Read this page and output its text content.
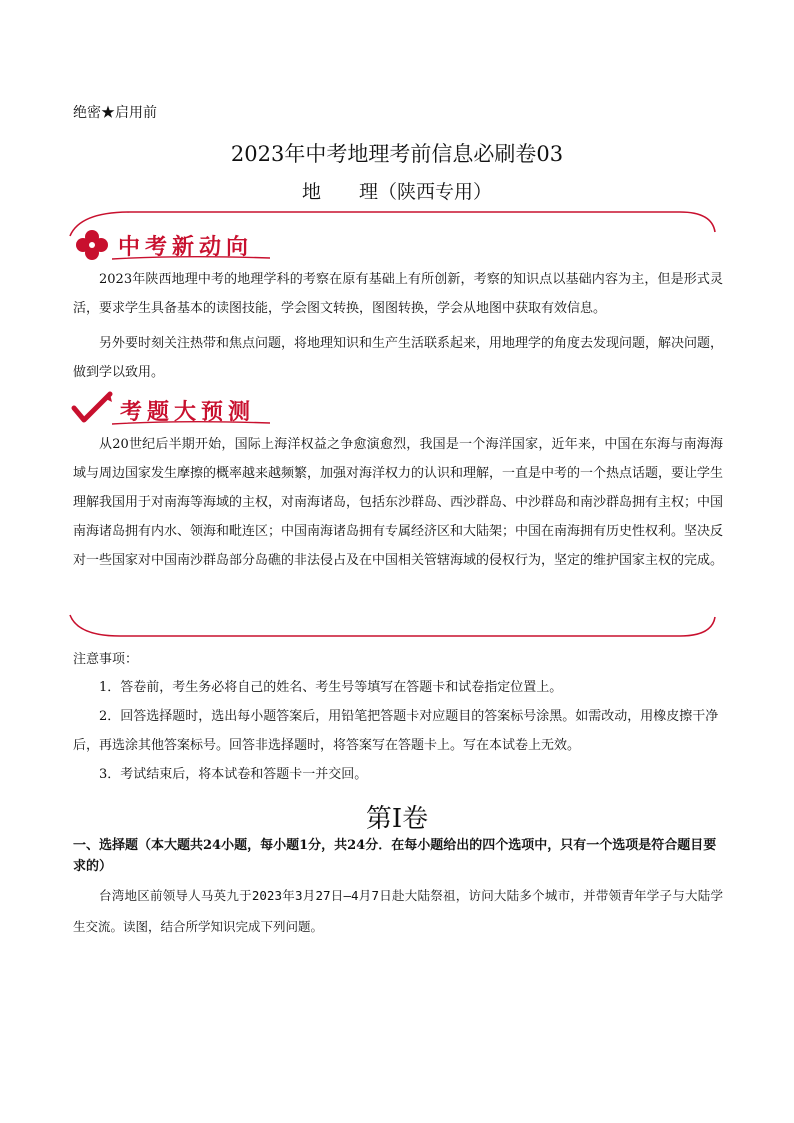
绝密★启用前
2023年中考地理考前信息必刷卷03
地　　理（陕西专用）
中考新动向

2023年陕西地理中考的地理学科的考察在原有基础上有所创新，考察的知识点以基础内容为主，但是形式灵活，要求学生具备基本的读图技能，学会图文转换，图图转换，学会从地图中获取有效信息。

另外要时刻关注热带和焦点问题，将地理知识和生产生活联系起来，用地理学的角度去发现问题，解决问题，做到学以致用。

考题大预测

从20世纪后半期开始，国际上海洋权益之争愈演愈烈，我国是一个海洋国家，近年来，中国在东海与南海海域与周边国家发生摩擦的概率越来越频繁，加强对海洋权力的认识和理解，一直是中考的一个热点话题，要让学生理解我国用于对南海等海域的主权，对南海诸岛，包括东沙群岛、西沙群岛、中沙群岛和南沙群岛拥有主权；中国南海诸岛拥有内水、领海和毗连区；中国南海诸岛拥有专属经济区和大陆架；中国在南海拥有历史性权利。坚决反对一些国家对中国南沙群岛部分岛礁的非法侵占及在中国相关管辖海域的侵权行为，坚定的维护国家主权的完成。

注意事项：

1．答卷前，考生务必将自己的姓名、考生号等填写在答题卡和试卷指定位置上。

2．回答选择题时，选出每小题答案后，用铅笔把答题卡对应题目的答案标号涂黑。如需改动，用橡皮擦干净后，再选涂其他答案标号。回答非选择题时，将答案写在答题卡上。写在本试卷上无效。

3．考试结束后，将本试卷和答题卡一并交回。

第Ⅰ卷
一、选择题（本大题共24小题，每小题1分，共24分．在每小题给出的四个选项中，只有一个选项是符合题目要求的）

台湾地区前领导人马英九于2023年3月27日—4月7日赴大陆祭祖，访问大陆多个城市，并带领青年学子与大陆学生交流。读图，结合所学知识完成下列问题。
